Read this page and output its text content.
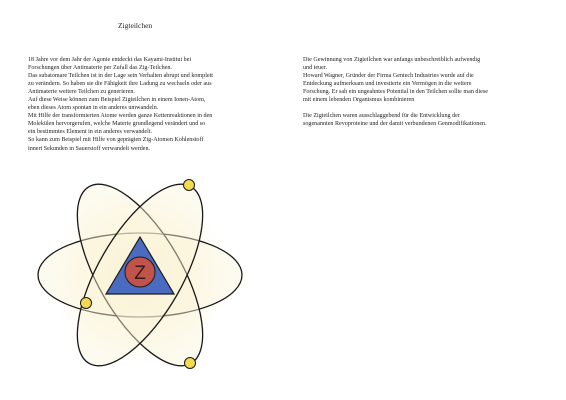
Zigteilchen

18 Jahre vor dem Jahr der Agonie entdeckt das Kayami-Institut bei

Forschungen über Antimaterie per Zufall das Zig-Teilchen.

Das subatomare Teilchen ist in der Lage sein Verhalten abrupt und komplett

zu verändern. So haben sie die Fähigkeit ihre Ladung zu wechseln oder aus

Antimaterie weitere Teilchen zu generieren.

Auf diese Weise können zum Beispiel Zigteilchen in einem Ionen-Atom,

eben dieses Atom spontan in ein anderes umwandeln.

Mit Hilfe der transformierten Atome werden ganze Kettenreaktionen in den

Molekülen hervorgerufen, welche Materie grundlegend verändert und so

ein bestimmtes Element in ein anderes verwandelt.

So kann zum Beispiel mit Hilfe von geprägten Zig-Atomen Kohlenstoff

innert Sekunden in Sauerstoff verwandelt werden.

Die Gewinnung von Zigteilchen war anfangs unbeschreiblich aufwendig

und teuer.

Howard Wagner, Gründer der Firma Gentech Industries wurde auf die

Entdeckung aufmerksam und investierte ein Vermögen in die weitere

Forschung. Er sah ein ungeahntes Potential in den Teilchen sollte man diese

mit einem lebenden Organismus kombinieren

Die Zigteilchen waren ausschlaggebend für die Entwicklung der

sogenannten Revoproteine und der damit verbundenen Genmodifikationen.

Z
